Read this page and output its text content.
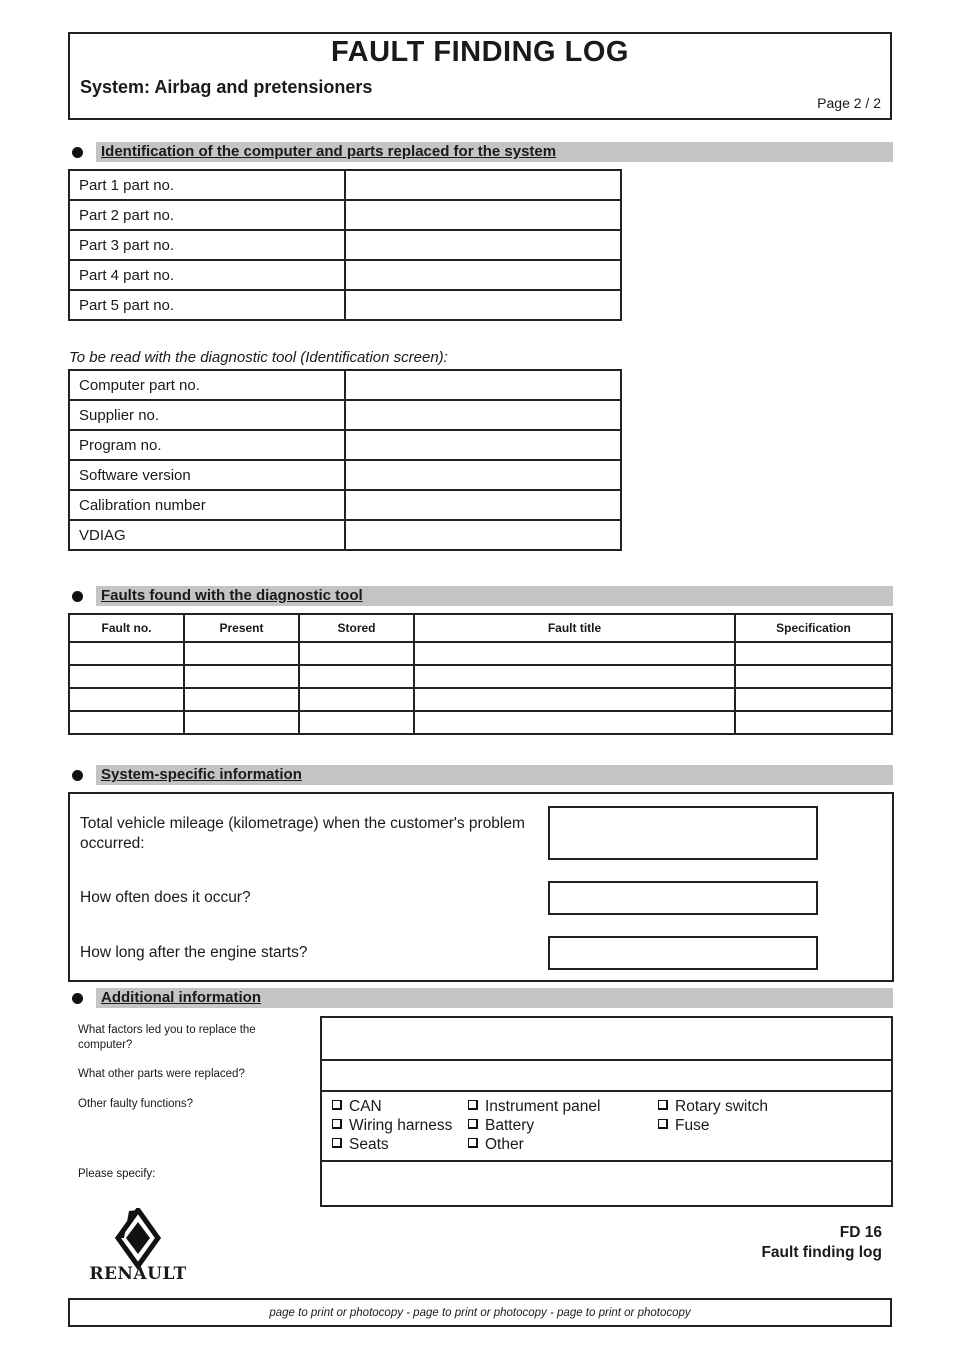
FAULT FINDING LOG
System: Airbag and pretensioners
Page 2 / 2
Identification of the computer and parts replaced for the system
Part 1 part no.	
Part 2 part no.	
Part 3 part no.	
Part 4 part no.	
Part 5 part no.	
To be read with the diagnostic tool (Identification screen):
Computer part no.	
Supplier no.	
Program no.	
Software version	
Calibration number	
VDIAG	
Faults found with the diagnostic tool
Fault no.	Present	Stored	Fault title	Specification

System-specific information
Total vehicle mileage (kilometrage) when the customer's problem occurred:
How often does it occur?
How long after the engine starts?
Additional information
What factors led you to replace the computer?
What other parts were replaced?
Other faulty functions?
Please specify:
CAN	Instrument panel	Rotary switch
Wiring harness	Battery	Fuse
Seats	Other
RENAULT
FD 16
Fault finding log
page to print or photocopy - page to print or photocopy - page to print or photocopy
